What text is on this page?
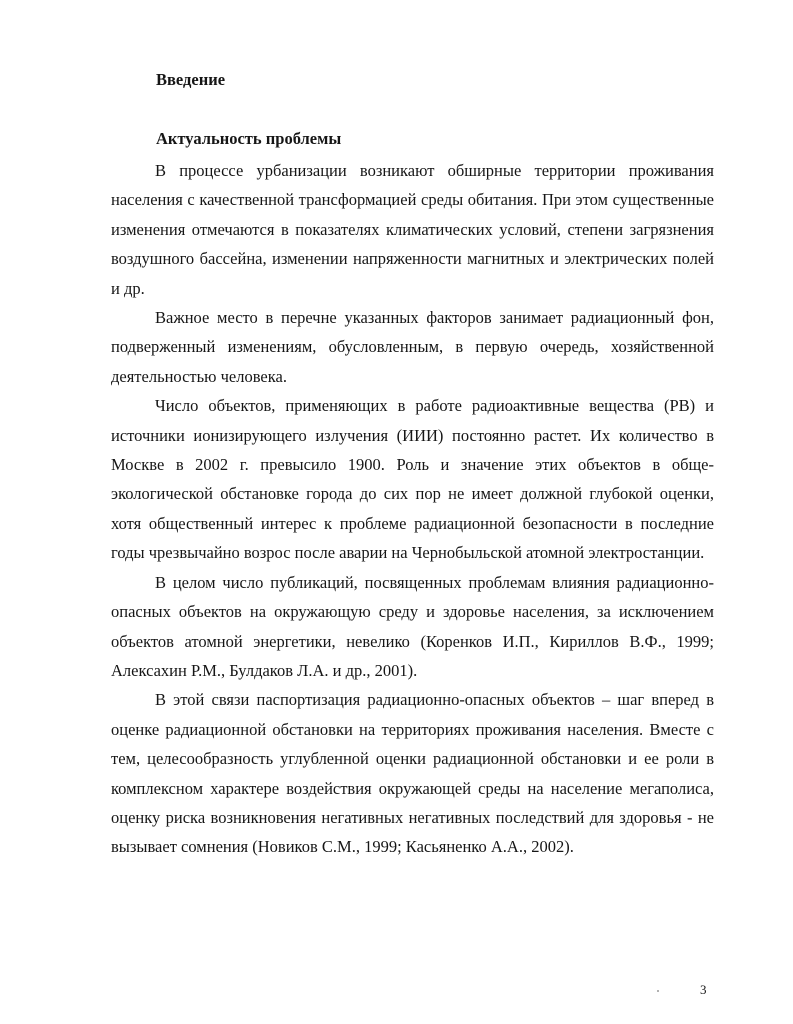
Введение
Актуальность проблемы

В процессе урбанизации возникают обширные территории проживания населения с качественной трансформацией среды обитания. При этом существенные изменения отмечаются в показателях климатических условий, степени загрязнения воздушного бассейна, изменении напряженности магнитных и электрических полей и др.

Важное место в перечне указанных факторов занимает радиационный фон, подверженный изменениям, обусловленным, в первую очередь, хозяйственной деятельностью человека.

Число объектов, применяющих в работе радиоактивные вещества (РВ) и источники ионизирующего излучения (ИИИ) постоянно растет. Их количество в Москве в 2002 г. превысило 1900. Роль и значение этих объектов в обще-экологической обстановке города до сих пор не имеет должной глубокой оценки, хотя общественный интерес к проблеме радиационной безопасности в последние годы чрезвычайно возрос после аварии на Чернобыльской атомной электростанции.

В целом число публикаций, посвященных проблемам влияния радиационно-опасных объектов на окружающую среду и здоровье населения, за исключением объектов атомной энергетики, невелико (Коренков И.П., Кириллов В.Ф., 1999; Алексахин Р.М., Булдаков Л.А. и др., 2001).

В этой связи паспортизация радиационно-опасных объектов – шаг вперед в оценке радиационной обстановки на территориях проживания населения. Вместе с тем, целесообразность углубленной оценки радиационной обстановки и ее роли в комплексном характере воздействия окружающей среды на население мегаполиса, оценку риска возникновения негативных негативных последствий для здоровья - не вызывает сомнения (Новиков С.М., 1999; Касьяненко А.А., 2002).

3
